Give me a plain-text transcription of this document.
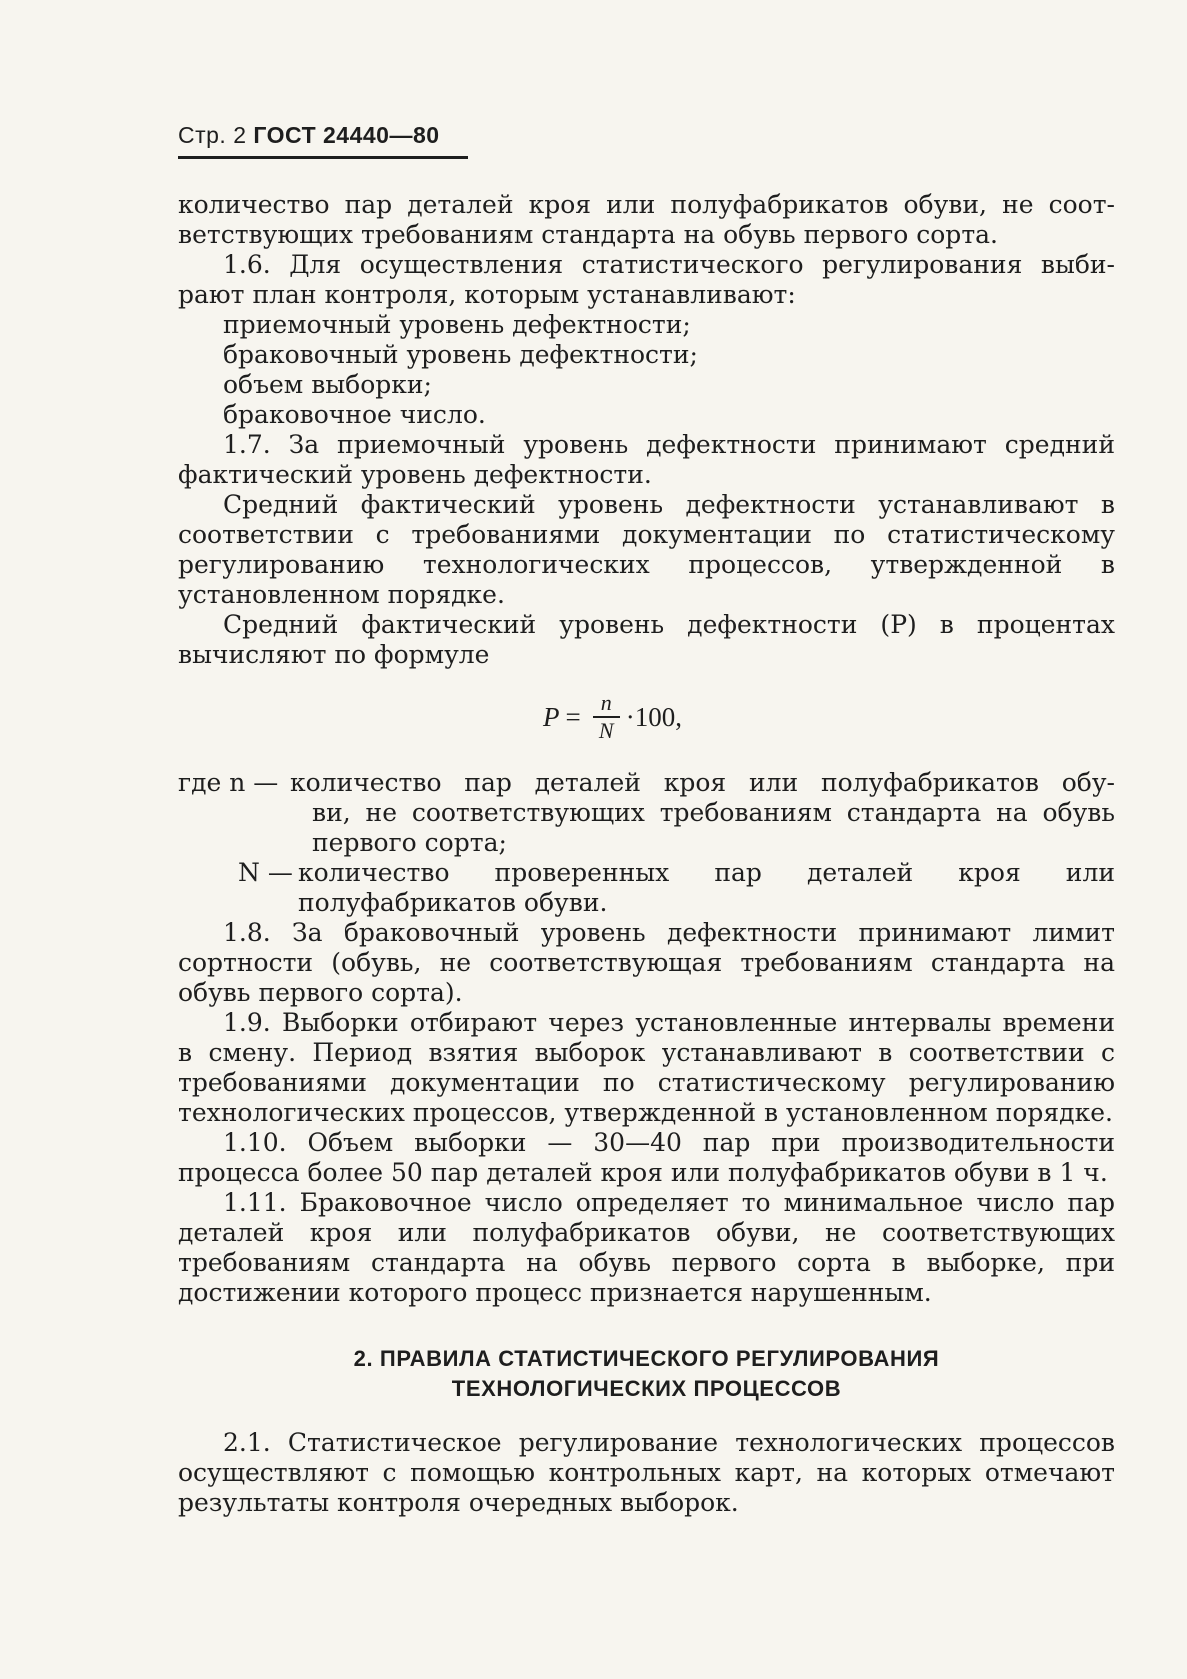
Стр. 2 ГОСТ 24440—80

количество пар деталей кроя или полуфабрикатов обуви, не соот-

ветствующих требованиям стандарта на обувь первого сорта.

1.6. Для осуществления статистического регулирования выби-

рают план контроля, которым устанавливают:

приемочный уровень дефектности;

браковочный уровень дефектности;

объем выборки;

браковочное число.

1.7. За приемочный уровень дефектности принимают средний фактический уровень дефектности.

Средний фактический уровень дефектности устанавливают в соответствии с требованиями документации по статистическому регулированию технологических процессов, утвержденной в установленном порядке.

Средний фактический уровень дефектности (P) в процентах вычисляют по формуле

$P = \frac{n}{N} \cdot 100$,
где n — количество пар деталей кроя или полуфабрикатов обу-

ви, не соответствующих требованиям стандарта на обувь первого сорта;

N — количество проверенных пар деталей кроя или полуфабрикатов обуви.

1.8. За браковочный уровень дефектности принимают лимит сортности (обувь, не соответствующая требованиям стандарта на обувь первого сорта).

1.9. Выборки отбирают через установленные интервалы времени в смену. Период взятия выборок устанавливают в соответствии с требованиями документации по статистическому регулированию технологических процессов, утвержденной в установленном порядке.

1.10. Объем выборки — 30—40 пар при производительности процесса более 50 пар деталей кроя или полуфабрикатов обуви в 1 ч.

1.11. Браковочное число определяет то минимальное число пар деталей кроя или полуфабрикатов обуви, не соответствующих требованиям стандарта на обувь первого сорта в выборке, при достижении которого процесс признается нарушенным.

2. ПРАВИЛА СТАТИСТИЧЕСКОГО РЕГУЛИРОВАНИЯ
ТЕХНОЛОГИЧЕСКИХ ПРОЦЕССОВ

2.1. Статистическое регулирование технологических процессов осуществляют с помощью контрольных карт, на которых отмечают результаты контроля очередных выборок.
